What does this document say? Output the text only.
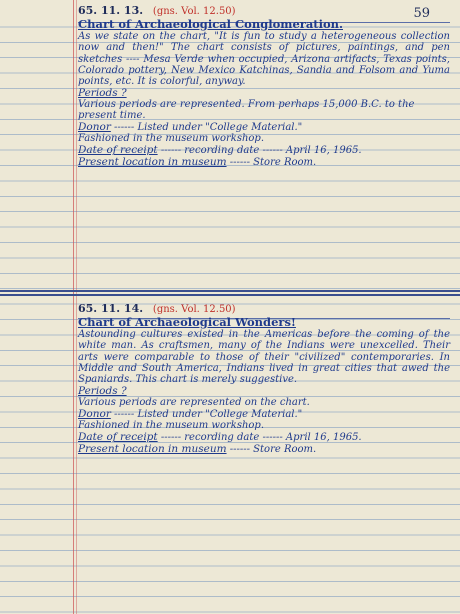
59

65. 11. 13. (gns. Vol. 12.50)

Chart of Archaeological Conglomeration.

As we state on the chart, "It is fun to study a heterogeneous collection now and then!" The chart consists of pictures, paintings, and pen sketches ---- Mesa Verde when occupied, Arizona artifacts, Texas points, Colorado pottery, New Mexico Katchinas, Sandia and Folsom and Yuma points, etc. It is colorful, anyway.

Periods ?

Various periods are represented. From perhaps 15,000 B.C. to the present time.

Donor ------ Listed under "College Material."

Fashioned in the museum workshop.

Date of receipt ------ recording date ------ April 16, 1965.

Present location in museum ------ Store Room.

65. 11. 14. (gns. Vol. 12.50)

Chart of Archaeological Wonders!

Astounding cultures existed in the Americas before the coming of the white man. As craftsmen, many of the Indians were unexcelled. Their arts were comparable to those of their "civilized" contemporaries. In Middle and South America, Indians lived in great cities that awed the Spaniards. This chart is merely suggestive.

Periods ?

Various periods are represented on the chart.

Donor ------ Listed under "College Material."

Fashioned in the museum workshop.

Date of receipt ------ recording date ------ April 16, 1965.

Present location in museum ------ Store Room.
